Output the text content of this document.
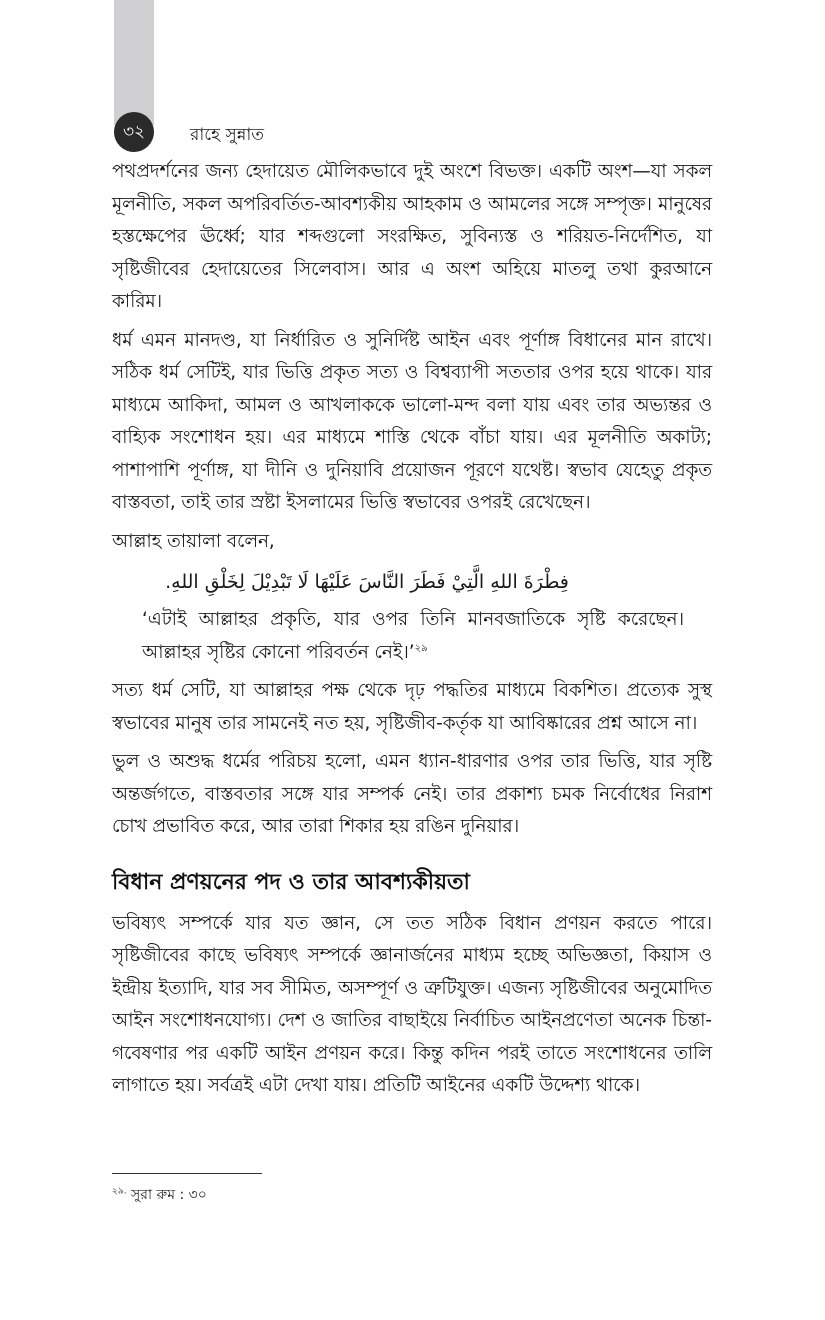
৩২	রাহে সুন্নাত

পথপ্রদর্শনের জন্য হেদায়েত মৌলিকভাবে দুই অংশে বিভক্ত। একটি অংশ—যা সকল মূলনীতি, সকল অপরিবর্তিত-আবশ্যকীয় আহকাম ও আমলের সঙ্গে সম্পৃক্ত। মানুষের হস্তক্ষেপের ঊর্ধ্বে; যার শব্দগুলো সংরক্ষিত, সুবিন্যস্ত ও শরিয়ত-নির্দেশিত, যা সৃষ্টিজীবের হেদায়েতের সিলেবাস। আর এ অংশ অহিয়ে মাতলু তথা কুরআনে কারিম।

ধর্ম এমন মানদণ্ড, যা নির্ধারিত ও সুনির্দিষ্ট আইন এবং পূর্ণাঙ্গ বিধানের মান রাখে। সঠিক ধর্ম সেটিই, যার ভিত্তি প্রকৃত সত্য ও বিশ্বব্যাপী সততার ওপর হয়ে থাকে। যার মাধ্যমে আকিদা, আমল ও আখলাককে ভালো-মন্দ বলা যায় এবং তার অভ্যন্তর ও বাহ্যিক সংশোধন হয়। এর মাধ্যমে শাস্তি থেকে বাঁচা যায়। এর মূলনীতি অকাট্য; পাশাপাশি পূর্ণাঙ্গ, যা দীনি ও দুনিয়াবি প্রয়োজন পূরণে যথেষ্ট। স্বভাব যেহেতু প্রকৃত বাস্তবতা, তাই তার স্রষ্টা ইসলামের ভিত্তি স্বভাবের ওপরই রেখেছেন।

আল্লাহ তায়ালা বলেন,

فِطْرَةَ اللهِ الَّتِيْ فَطَرَ النَّاسَ عَلَيْهَا لَا تَبْدِيْلَ لِخَلْقِ اللهِ.

‘এটাই আল্লাহর প্রকৃতি, যার ওপর তিনি মানবজাতিকে সৃষ্টি করেছেন। আল্লাহর সৃষ্টির কোনো পরিবর্তন নেই।’$^{২৯}$

সত্য ধর্ম সেটি, যা আল্লাহর পক্ষ থেকে দৃঢ় পদ্ধতির মাধ্যমে বিকশিত। প্রত্যেক সুস্থ স্বভাবের মানুষ তার সামনেই নত হয়, সৃষ্টিজীব-কর্তৃক যা আবিষ্কারের প্রশ্ন আসে না।

ভুল ও অশুদ্ধ ধর্মের পরিচয় হলো, এমন ধ্যান-ধারণার ওপর তার ভিত্তি, যার সৃষ্টি অন্তর্জগতে, বাস্তবতার সঙ্গে যার সম্পর্ক নেই। তার প্রকাশ্য চমক নির্বোধের নিরাশ চোখ প্রভাবিত করে, আর তারা শিকার হয় রঙিন দুনিয়ার।

বিধান প্রণয়নের পদ ও তার আবশ্যকীয়তা

ভবিষ্যৎ সম্পর্কে যার যত জ্ঞান, সে তত সঠিক বিধান প্রণয়ন করতে পারে। সৃষ্টিজীবের কাছে ভবিষ্যৎ সম্পর্কে জ্ঞানার্জনের মাধ্যম হচ্ছে অভিজ্ঞতা, কিয়াস ও ইন্দ্রীয় ইত্যাদি, যার সব সীমিত, অসম্পূর্ণ ও ত্রুটিযুক্ত। এজন্য সৃষ্টিজীবের অনুমোদিত আইন সংশোধনযোগ্য। দেশ ও জাতির বাছাইয়ে নির্বাচিত আইনপ্রণেতা অনেক চিন্তা-গবেষণার পর একটি আইন প্রণয়ন করে। কিন্তু কদিন পরই তাতে সংশোধনের তালি লাগাতে হয়। সর্বত্রই এটা দেখা যায়। প্রতিটি আইনের একটি উদ্দেশ্য থাকে।

$^{২৯.}$ সুরা রুম : ৩০
